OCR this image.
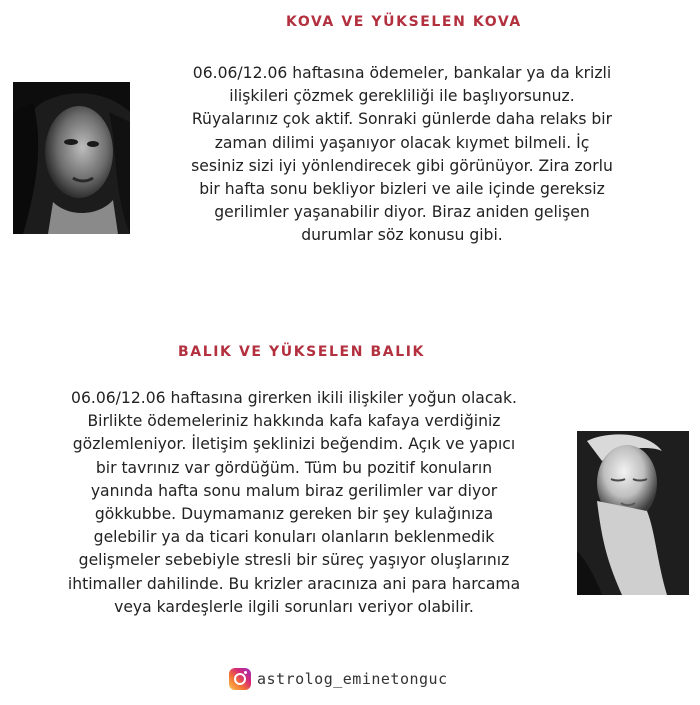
KOVA VE YÜKSELEN KOVA

06.06/12.06 haftasına ödemeler, bankalar ya da krizli
ilişkileri çözmek gerekliliği ile başlıyorsunuz.
Rüyalarınız çok aktif. Sonraki günlerde daha relaks bir
zaman dilimi yaşanıyor olacak kıymet bilmeli. İç
sesiniz sizi iyi yönlendirecek gibi görünüyor. Zira zorlu
bir hafta sonu bekliyor bizleri ve aile içinde gereksiz
gerilimler yaşanabilir diyor. Biraz aniden gelişen
durumlar söz konusu gibi.

BALIK VE YÜKSELEN BALIK

06.06/12.06 haftasına girerken ikili ilişkiler yoğun olacak.
Birlikte ödemeleriniz hakkında kafa kafaya verdiğiniz
gözlemleniyor. İletişim şeklinizi beğendim. Açık ve yapıcı
bir tavrınız var gördüğüm. Tüm bu pozitif konuların
yanında hafta sonu malum biraz gerilimler var diyor
gökkubbe. Duymamanız gereken bir şey kulağınıza
gelebilir ya da ticari konuları olanların beklenmedik
gelişmeler sebebiyle stresli bir süreç yaşıyor oluşlarınız
ihtimaller dahilinde. Bu krizler aracınıza ani para harcama
veya kardeşlerle ilgili sorunları veriyor olabilir.

astrolog_eminetonguc
